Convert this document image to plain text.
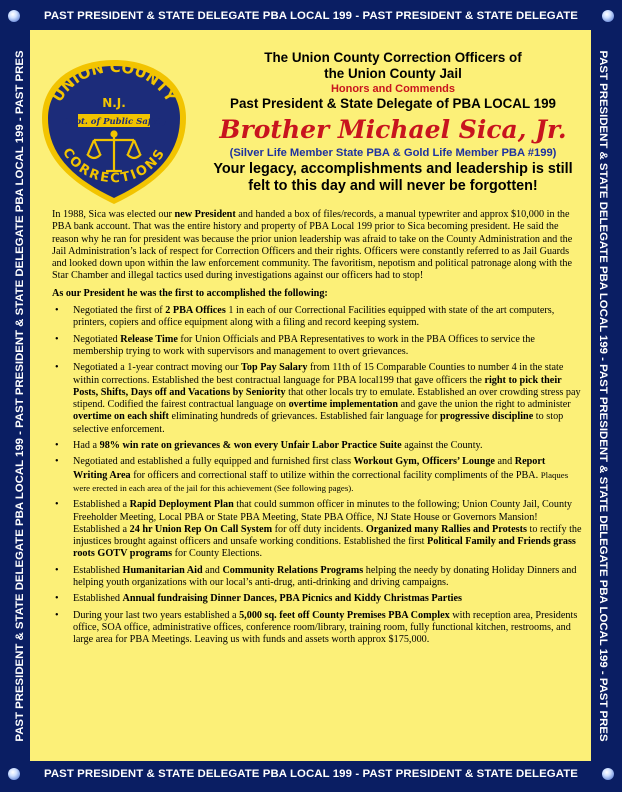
PAST PRESIDENT & STATE DELEGATE PBA LOCAL 199 - PAST PRESIDENT & STATE DELEGATE
PAST PRESIDENT & STATE DELEGATE PBA LOCAL 199 - PAST PRESIDENT & STATE DELEGATE
PAST PRESIDENT & STATE DELEGATE PBA LOCAL 199 - PAST PRESIDENT & STATE DELEGATE PBA LOCAL 199 - PAST PRES	PAST PRESIDENT & STATE DELEGATE PBA LOCAL 199 - PAST PRESIDENT & STATE DELEGATE PBA LOCAL 199 - PAST PRES
UNION COUNTY
N.J.
Dept. of Public Safety
CORRECTIONS
The Union County Correction Officers of
the Union County Jail
Honors and Commends
Past President & State Delegate of PBA LOCAL 199
Brother Michael Sica, Jr.
(Silver Life Member State PBA & Gold Life Member PBA #199)
Your legacy, accomplishments and leadership is still
felt to this day and will never be forgotten!

In 1988, Sica was elected our new President and handed a box of files/records, a manual typewriter and approx $10,000 in the PBA bank account. That was the entire history and property of PBA Local 199 prior to Sica becoming president. He said the reason why he ran for president was because the prior union leadership was afraid to take on the County Administration and the Jail Administration’s lack of respect for Correction Officers and their rights. Officers were constantly referred to as Jail Guards and looked down upon within the law enforcement community. The favoritism, nepotism and political patronage along with the Star Chamber and illegal tactics used during investigations against our officers had to stop!

As our President he was the first to accomplished the following:

• Negotiated the first of 2 PBA Offices 1 in each of our Correctional Facilities equipped with state of the art computers, printers, copiers and office equipment along with a filing and record keeping system.
• Negotiated Release Time for Union Officials and PBA Representatives to work in the PBA Offices to service the membership trying to work with supervisors and management to overt grievances.
• Negotiated a 1-year contract moving our Top Pay Salary from 11th of 15 Comparable Counties to number 4 in the state within corrections. Established the best contractual language for PBA local199 that gave officers the right to pick their Posts, Shifts, Days off and Vacations by Seniority that other locals try to emulate. Established an over crowding stress pay stipend. Codified the fairest contractual language on overtime implementation and gave the union the right to administer overtime on each shift eliminating hundreds of grievances. Established fair language for progressive discipline to stop selective enforcement.
• Had a 98% win rate on grievances & won every Unfair Labor Practice Suite against the County.
• Negotiated and established a fully equipped and furnished first class Workout Gym, Officers’ Lounge and Report Writing Area for officers and correctional staff to utilize within the correctional facility compliments of the PBA. Plaques were erected in each area of the jail for this achievement (See following pages).
• Established a Rapid Deployment Plan that could summon officer in minutes to the following; Union County Jail, County Freeholder Meeting, Local PBA or State PBA Meeting, State PBA Office, NJ State House or Governors Mansion! Established a 24 hr Union Rep On Call System for off duty incidents. Organized many Rallies and Protests to rectify the injustices brought against officers and unsafe working conditions. Established the first Political Family and Friends grass roots GOTV programs for County Elections.
• Established Humanitarian Aid and Community Relations Programs helping the needy by donating Holiday Dinners and helping youth organizations with our local’s anti-drug, anti-drinking and driving campaigns.
• Established Annual fundraising Dinner Dances, PBA Picnics and Kiddy Christmas Parties
• During your last two years established a 5,000 sq. feet off County Premises PBA Complex with reception area, Presidents office, SOA office, administrative offices, conference room/library, training room, fully functional kitchen, restrooms, and large area for PBA Meetings. Leaving us with funds and assets worth approx $175,000.
